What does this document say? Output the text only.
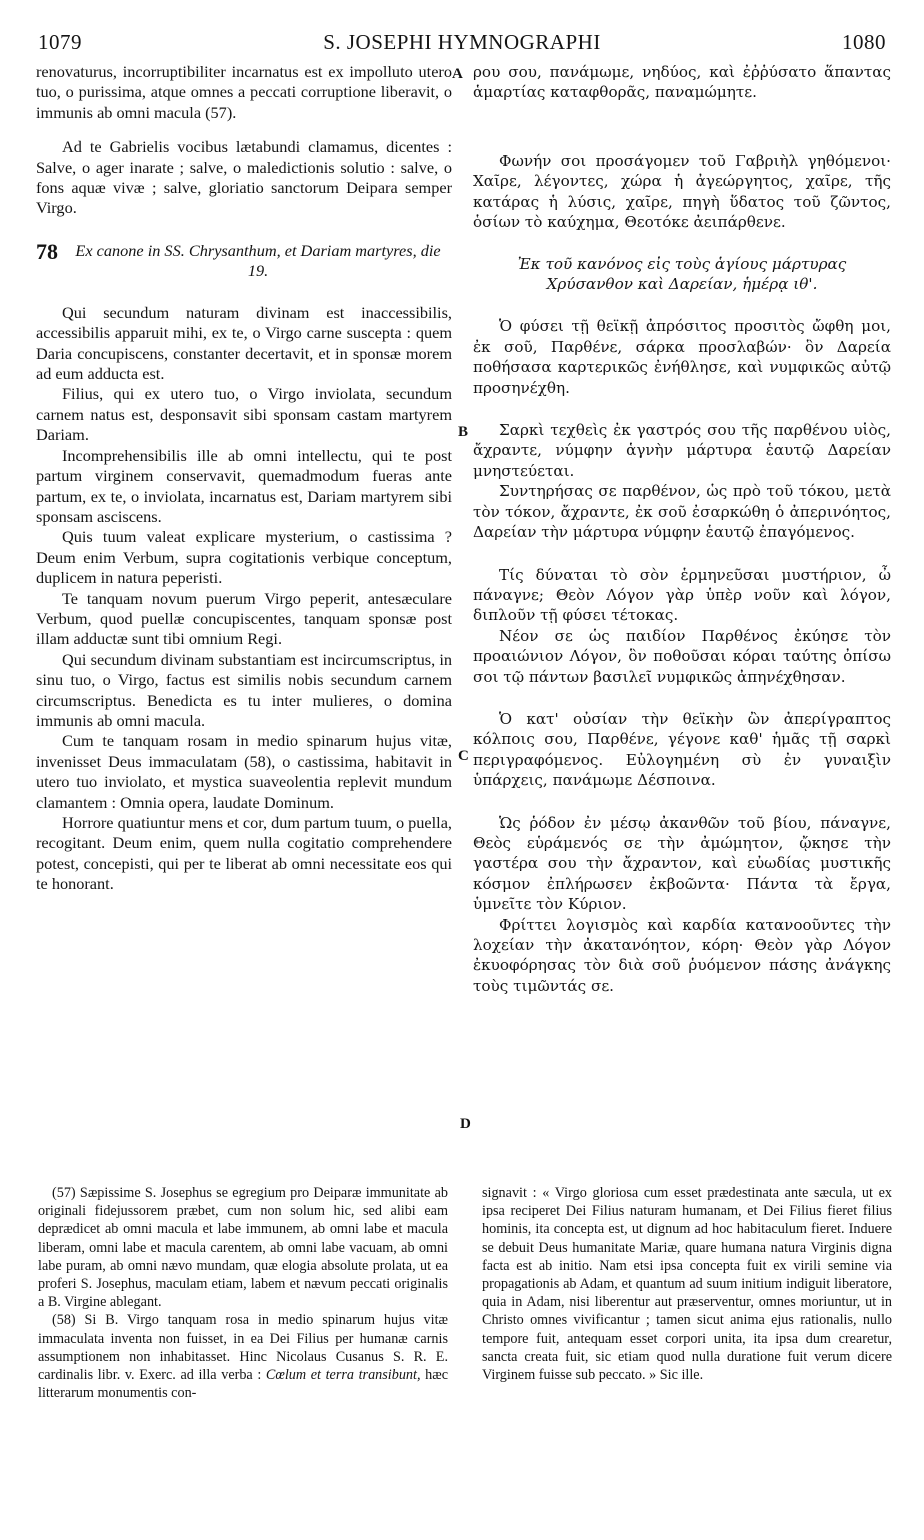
1079	S. JOSEPHI HYMNOGRAPHI	1080
A
B
C
D

renovaturus, incorruptibiliter incarnatus est ex impolluto utero tuo, o purissima, atque omnes a peccati corruptione liberavit, o immunis ab omni macula (57).

Ad te Gabrielis vocibus lætabundi clamamus, dicentes : Salve, o ager inarate ; salve, o maledictionis solutio : salve, o fons aquæ vivæ ; salve, gloriatio sanctorum Deipara semper Virgo.

78	Ex canone in SS. Chrysanthum, et Dariam martyres, die 19.

Qui secundum naturam divinam est inaccessibilis, accessibilis apparuit mihi, ex te, o Virgo carne suscepta : quem Daria concupiscens, constanter decertavit, et in sponsæ morem ad eum adducta est.

Filius, qui ex utero tuo, o Virgo inviolata, secundum carnem natus est, desponsavit sibi sponsam castam martyrem Dariam.

Incomprehensibilis ille ab omni intellectu, qui te post partum virginem conservavit, quemadmodum fueras ante partum, ex te, o inviolata, incarnatus est, Dariam martyrem sibi sponsam asciscens.

Quis tuum valeat explicare mysterium, o castissima ? Deum enim Verbum, supra cogitationis verbique conceptum, duplicem in natura peperisti.

Te tanquam novum puerum Virgo peperit, antesæculare Verbum, quod puellæ concupiscentes, tanquam sponsæ post illam adductæ sunt tibi omnium Regi.

Qui secundum divinam substantiam est incircumscriptus, in sinu tuo, o Virgo, factus est similis nobis secundum carnem circumscriptus. Benedicta es tu inter mulieres, o domina immunis ab omni macula.

Cum te tanquam rosam in medio spinarum hujus vitæ, invenisset Deus immaculatam (58), o castissima, habitavit in utero tuo inviolato, et mystica suaveolentia replevit mundum clamantem : Omnia opera, laudate Dominum.

Horrore quatiuntur mens et cor, dum partum tuum, o puella, recogitant. Deum enim, quem nulla cogitatio comprehendere potest, concepisti, qui per te liberat ab omni necessitate eos qui te honorant.

ρου σου, πανάμωμε, νηδύος, καὶ ἐῤῥύσατο ἅπαντας ἁμαρτίας καταφθορᾶς, παναμώμητε.

Φωνήν σοι προσάγομεν τοῦ Γαβριὴλ γηθόμενοι· Χαῖρε, λέγοντες, χώρα ἡ ἀγεώργητος, χαῖρε, τῆς κατάρας ἡ λύσις, χαῖρε, πηγὴ ὕδατος τοῦ ζῶντος, ὁσίων τὸ καύχημα, Θεοτόκε ἀειπάρθενε.

Ἐκ τοῦ κανόνος εἰς τοὺς ἁγίους μάρτυρας Χρύσανθον καὶ Δαρείαν, ἡμέρᾳ ιθ'.

Ὁ φύσει τῇ θεϊκῇ ἀπρόσιτος προσιτὸς ὤφθη μοι, ἐκ σοῦ, Παρθένε, σάρκα προσλαβών· ὃν Δαρεία ποθήσασα καρτερικῶς ἐνήθλησε, καὶ νυμφικῶς αὐτῷ προσηνέχθη.

Σαρκὶ τεχθεὶς ἐκ γαστρός σου τῆς παρθένου υἱὸς, ἄχραντε, νύμφην ἁγνὴν μάρτυρα ἑαυτῷ Δαρείαν μνηστεύεται.

Συντηρήσας σε παρθένον, ὡς πρὸ τοῦ τόκου, μετὰ τὸν τόκον, ἄχραντε, ἐκ σοῦ ἐσαρκώθη ὁ ἀπερινόητος, Δαρείαν τὴν μάρτυρα νύμφην ἑαυτῷ ἐπαγόμενος.

Τίς δύναται τὸ σὸν ἑρμηνεῦσαι μυστήριον, ὦ πάναγνε; Θεὸν Λόγον γὰρ ὑπὲρ νοῦν καὶ λόγον, διπλοῦν τῇ φύσει τέτοκας.

Νέον σε ὡς παιδίον Παρθένος ἐκύησε τὸν προαιώνιον Λόγον, ὃν ποθοῦσαι κόραι ταύτης ὀπίσω σοι τῷ πάντων βασιλεῖ νυμφικῶς ἀπηνέχθησαν.

Ὁ κατ' οὐσίαν τὴν θεϊκὴν ὢν ἀπερίγραπτος κόλποις σου, Παρθένε, γέγονε καθ' ἡμᾶς τῇ σαρκὶ περιγραφόμενος. Εὐλογημένη σὺ ἐν γυναιξὶν ὑπάρχεις, πανάμωμε Δέσποινα.

Ὡς ῥόδον ἐν μέσῳ ἀκανθῶν τοῦ βίου, πάναγνε, Θεὸς εὑράμενός σε τὴν ἀμώμητον, ᾤκησε τὴν γαστέρα σου τὴν ἄχραντον, καὶ εὐωδίας μυστικῆς κόσμον ἐπλήρωσεν ἐκβοῶντα· Πάντα τὰ ἔργα, ὑμνεῖτε τὸν Κύριον.

Φρίττει λογισμὸς καὶ καρδία κατανοοῦντες τὴν λοχείαν τὴν ἀκατανόητον, κόρη· Θεὸν γὰρ Λόγον ἐκυοφόρησας τὸν διὰ σοῦ ῥυόμενον πάσης ἀνάγκης τοὺς τιμῶντάς σε.

(57) Sæpissime S. Josephus se egregium pro Deiparæ immunitate ab originali fidejussorem præbet, cum non solum hic, sed alibi eam deprædicet ab omni macula et labe immunem, ab omni labe et macula liberam, omni labe et macula carentem, ab omni labe vacuam, ab omni labe puram, ab omni nævo mundam, quæ elogia absolute prolata, ut ea proferi S. Josephus, maculam etiam, labem et nævum peccati originalis a B. Virgine ablegant.

(58) Si B. Virgo tanquam rosa in medio spinarum hujus vitæ immaculata inventa non fuisset, in ea Dei Filius per humanæ carnis assumptionem non inhabitasset. Hinc Nicolaus Cusanus S. R. E. cardinalis libr. v. Exerc. ad illa verba : Cœlum et terra transibunt, hæc litterarum monumentis con-

signavit : « Virgo gloriosa cum esset prædestinata ante sæcula, ut ex ipsa reciperet Dei Filius naturam humanam, et Dei Filius fieret filius hominis, ita concepta est, ut dignum ad hoc habitaculum fieret. Induere se debuit Deus humanitate Mariæ, quare humana natura Virginis digna facta est ab initio. Nam etsi ipsa concepta fuit ex virili semine via propagationis ab Adam, et quantum ad suum initium indiguit liberatore, quia in Adam, nisi liberentur aut præserventur, omnes moriuntur, ut in Christo omnes vivificantur ; tamen sicut anima ejus rationalis, nullo tempore fuit, antequam esset corpori unita, ita ipsa dum crearetur, sancta creata fuit, sic etiam quod nulla duratione fuit verum dicere Virginem fuisse sub peccato. » Sic ille.
